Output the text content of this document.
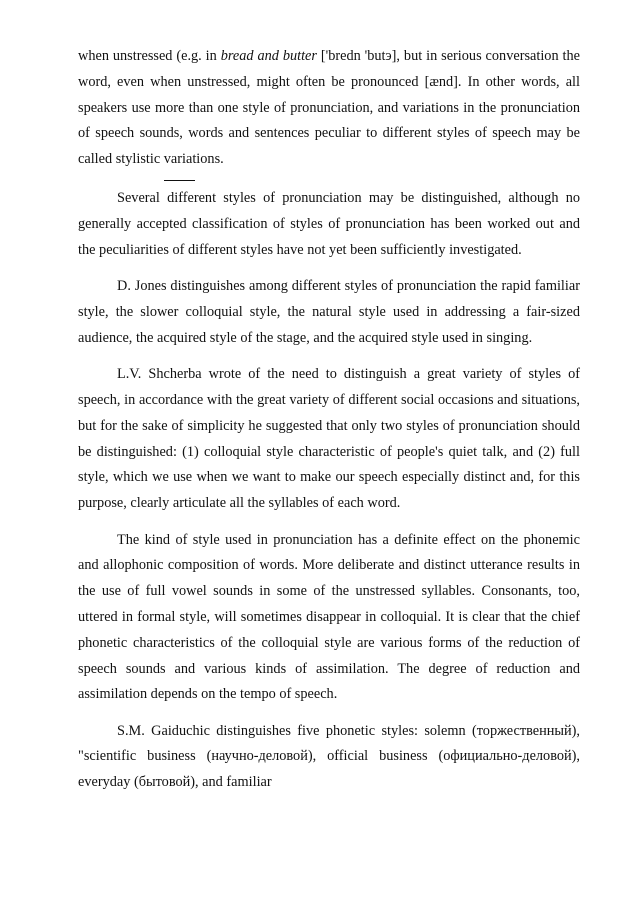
when unstressed (e.g. in bread and butter ['bredn 'butэ], but in serious conversation the word, even when unstressed, might often be pronounced [ænd]. In other words, all speakers use more than one style of pronunciation, and variations in the pronunciation of speech sounds, words and sentences peculiar to different styles of speech may be called stylistic variations.

Several different styles of pronunciation may be distinguished, although no generally accepted classification of styles of pronunciation has been worked out and the peculiarities of different styles have not yet been sufficiently investigated.

D. Jones distinguishes among different styles of pronunciation the rapid familiar style, the slower colloquial style, the natural style used in addressing a fair-sized audience, the acquired style of the stage, and the acquired style used in singing.

L.V. Shcherba wrote of the need to distinguish a great variety of styles of speech, in accordance with the great variety of different social occasions and situations, but for the sake of simplicity he suggested that only two styles of pronunciation should be distinguished: (1) colloquial style characteristic of people's quiet talk, and (2) full style, which we use when we want to make our speech especially distinct and, for this purpose, clearly articulate all the syllables of each word.

The kind of style used in pronunciation has a definite effect on the phonemic and allophonic composition of words. More deliberate and distinct utterance results in the use of full vowel sounds in some of the unstressed syllables. Consonants, too, uttered in formal style, will sometimes disappear in colloquial. It is clear that the chief phonetic characteristics of the colloquial style are various forms of the reduction of speech sounds and various kinds of assimilation. The degree of reduction and assimilation depends on the tempo of speech.

S.M. Gaiduchic distinguishes five phonetic styles: solemn (торжественный), "scientific business (научно-деловой), official business (официально-деловой), everyday (бытовой), and familiar
